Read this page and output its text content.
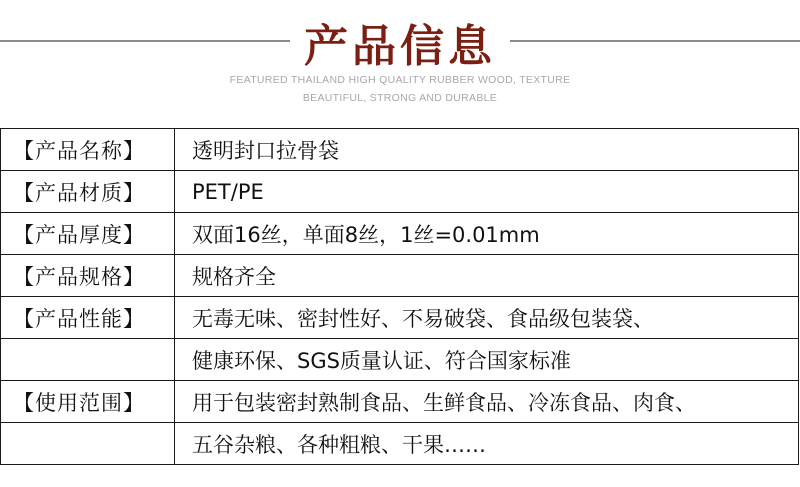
产品信息
FEATURED THAILAND HIGH QUALITY RUBBER WOOD, TEXTURE
BEAUTIFUL, STRONG AND DURABLE
【产品名称】	透明封口拉骨袋
【产品材质】	PET/PE
【产品厚度】	双面16丝，单面8丝，1丝=0.01mm
【产品规格】	规格齐全
【产品性能】	无毒无味、密封性好、不易破袋、食品级包装袋、
	健康环保、SGS质量认证、符合国家标准
【使用范围】	用于包装密封熟制食品、生鲜食品、冷冻食品、肉食、
	五谷杂粮、各种粗粮、干果……
